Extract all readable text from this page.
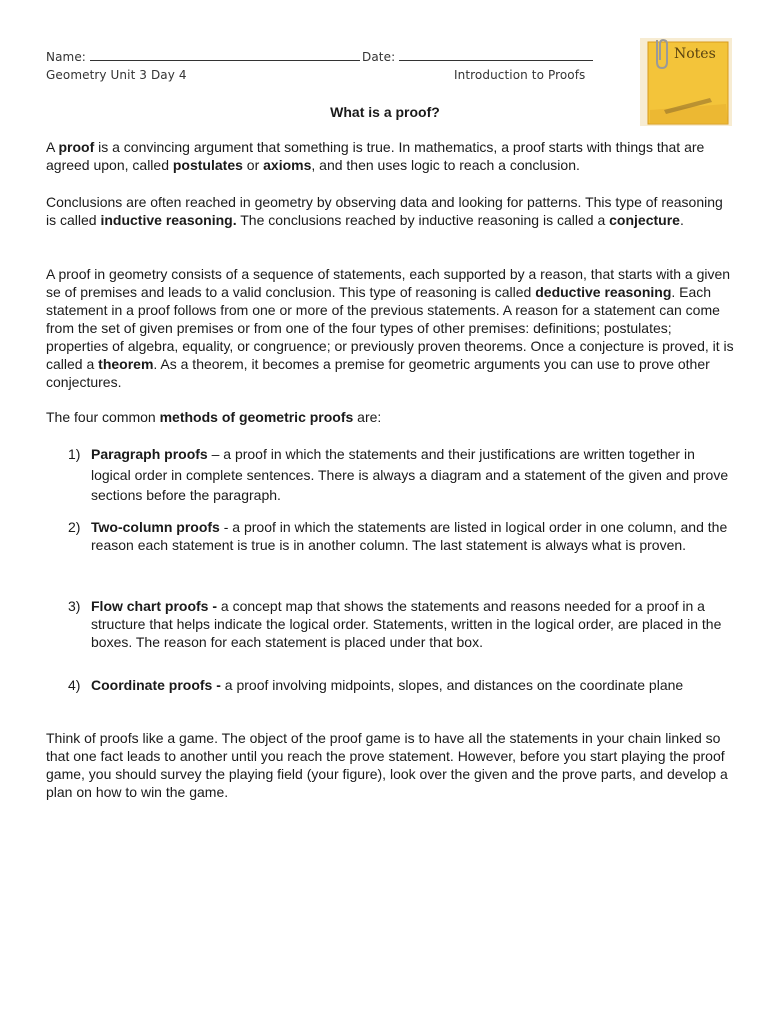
Name:	Date:
Geometry Unit 3 Day 4	Introduction to Proofs
Notes
What is a proof?

A proof is a convincing argument that something is true. In mathematics, a proof starts with things that are agreed upon, called postulates or axioms, and then uses logic to reach a conclusion.

Conclusions are often reached in geometry by observing data and looking for patterns. This type of reasoning is called inductive reasoning. The conclusions reached by inductive reasoning is called a conjecture.

A proof in geometry consists of a sequence of statements, each supported by a reason, that starts with a given se of premises and leads to a valid conclusion. This type of reasoning is called deductive reasoning. Each statement in a proof follows from one or more of the previous statements. A reason for a statement can come from the set of given premises or from one of the four types of other premises: definitions; postulates; properties of algebra, equality, or congruence; or previously proven theorems. Once a conjecture is proved, it is called a theorem. As a theorem, it becomes a premise for geometric arguments you can use to prove other conjectures.

The four common methods of geometric proofs are:

1) Paragraph proofs – a proof in which the statements and their justifications are written together in logical order in complete sentences. There is always a diagram and a statement of the given and prove sections before the paragraph.
2) Two-column proofs - a proof in which the statements are listed in logical order in one column, and the reason each statement is true is in another column. The last statement is always what is proven.
3) Flow chart proofs - a concept map that shows the statements and reasons needed for a proof in a structure that helps indicate the logical order. Statements, written in the logical order, are placed in the boxes. The reason for each statement is placed under that box.
4) Coordinate proofs - a proof involving midpoints, slopes, and distances on the coordinate plane

Think of proofs like a game. The object of the proof game is to have all the statements in your chain linked so that one fact leads to another until you reach the prove statement. However, before you start playing the proof game, you should survey the playing field (your figure), look over the given and the prove parts, and develop a plan on how to win the game.
